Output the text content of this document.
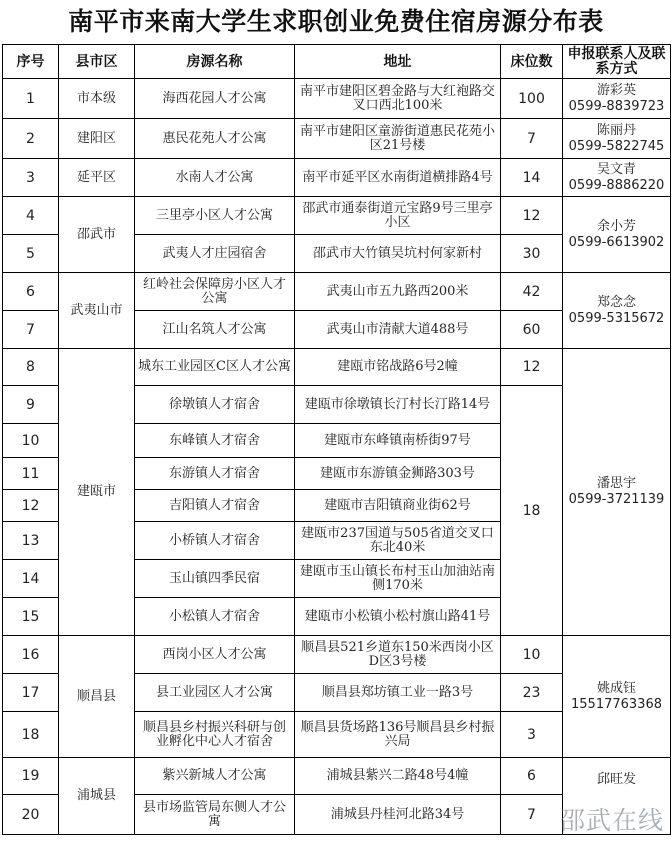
南平市来南大学生求职创业免费住宿房源分布表
序号	县市区	房源名称	地址	床位数	申报联系人及联系方式
1	市本级	海西花园人才公寓	南平市建阳区碧金路与大红袍路交叉口西北100米	100	游彩英
0599-8839723
2	建阳区	惠民花苑人才公寓	南平市建阳区童游街道惠民花苑小区21号楼	7	陈丽丹
0599-5822745
3	延平区	水南人才公寓	南平市延平区水南街道横排路4号	14	吴文青
0599-8886220
4	邵武市	三里亭小区人才公寓	邵武市通泰街道元宝路9号三里亭小区	12	余小芳
0599-6613902
5		武夷人才庄园宿舍	邵武市大竹镇吴坑村何家新村	30	
6	武夷山市	红岭社会保障房小区人才公寓	武夷山市五九路西200米	42	郑念念
0599-5315672
7		江山名筑人才公寓	武夷山市清献大道488号	60	
8	建瓯市	城东工业园区C区人才公寓	建瓯市铭战路6号2幢	12	潘思宇
0599-3721139
9		徐墩镇人才宿舍	建瓯市徐墩镇长汀村长汀路14号	18	
10		东峰镇人才宿舍	建瓯市东峰镇南桥街97号		
11		东游镇人才宿舍	建瓯市东游镇金狮路303号		
12		吉阳镇人才宿舍	建瓯市吉阳镇商业街62号		
13		小桥镇人才宿舍	建瓯市237国道与505省道交叉口东北40米		
14		玉山镇四季民宿	建瓯市玉山镇长布村玉山加油站南侧170米		
15		小松镇人才宿舍	建瓯市小松镇小松村旗山路41号		
16	顺昌县	西岗小区人才公寓	顺昌县521乡道东150米西岗小区D区3号楼	10	姚成钰
15517763368
17		县工业园区人才公寓	顺昌县郑坊镇工业一路3号	23	
18		顺昌县乡村振兴科研与创业孵化中心人才宿舍	顺昌县货场路136号顺昌县乡村振兴局	3	
19	浦城县	紫兴新城人才公寓	浦城县紫兴二路48号4幢	6	邱旺发
20		县市场监管局东侧人才公寓	浦城县丹桂河北路34号	7	邵武在线
